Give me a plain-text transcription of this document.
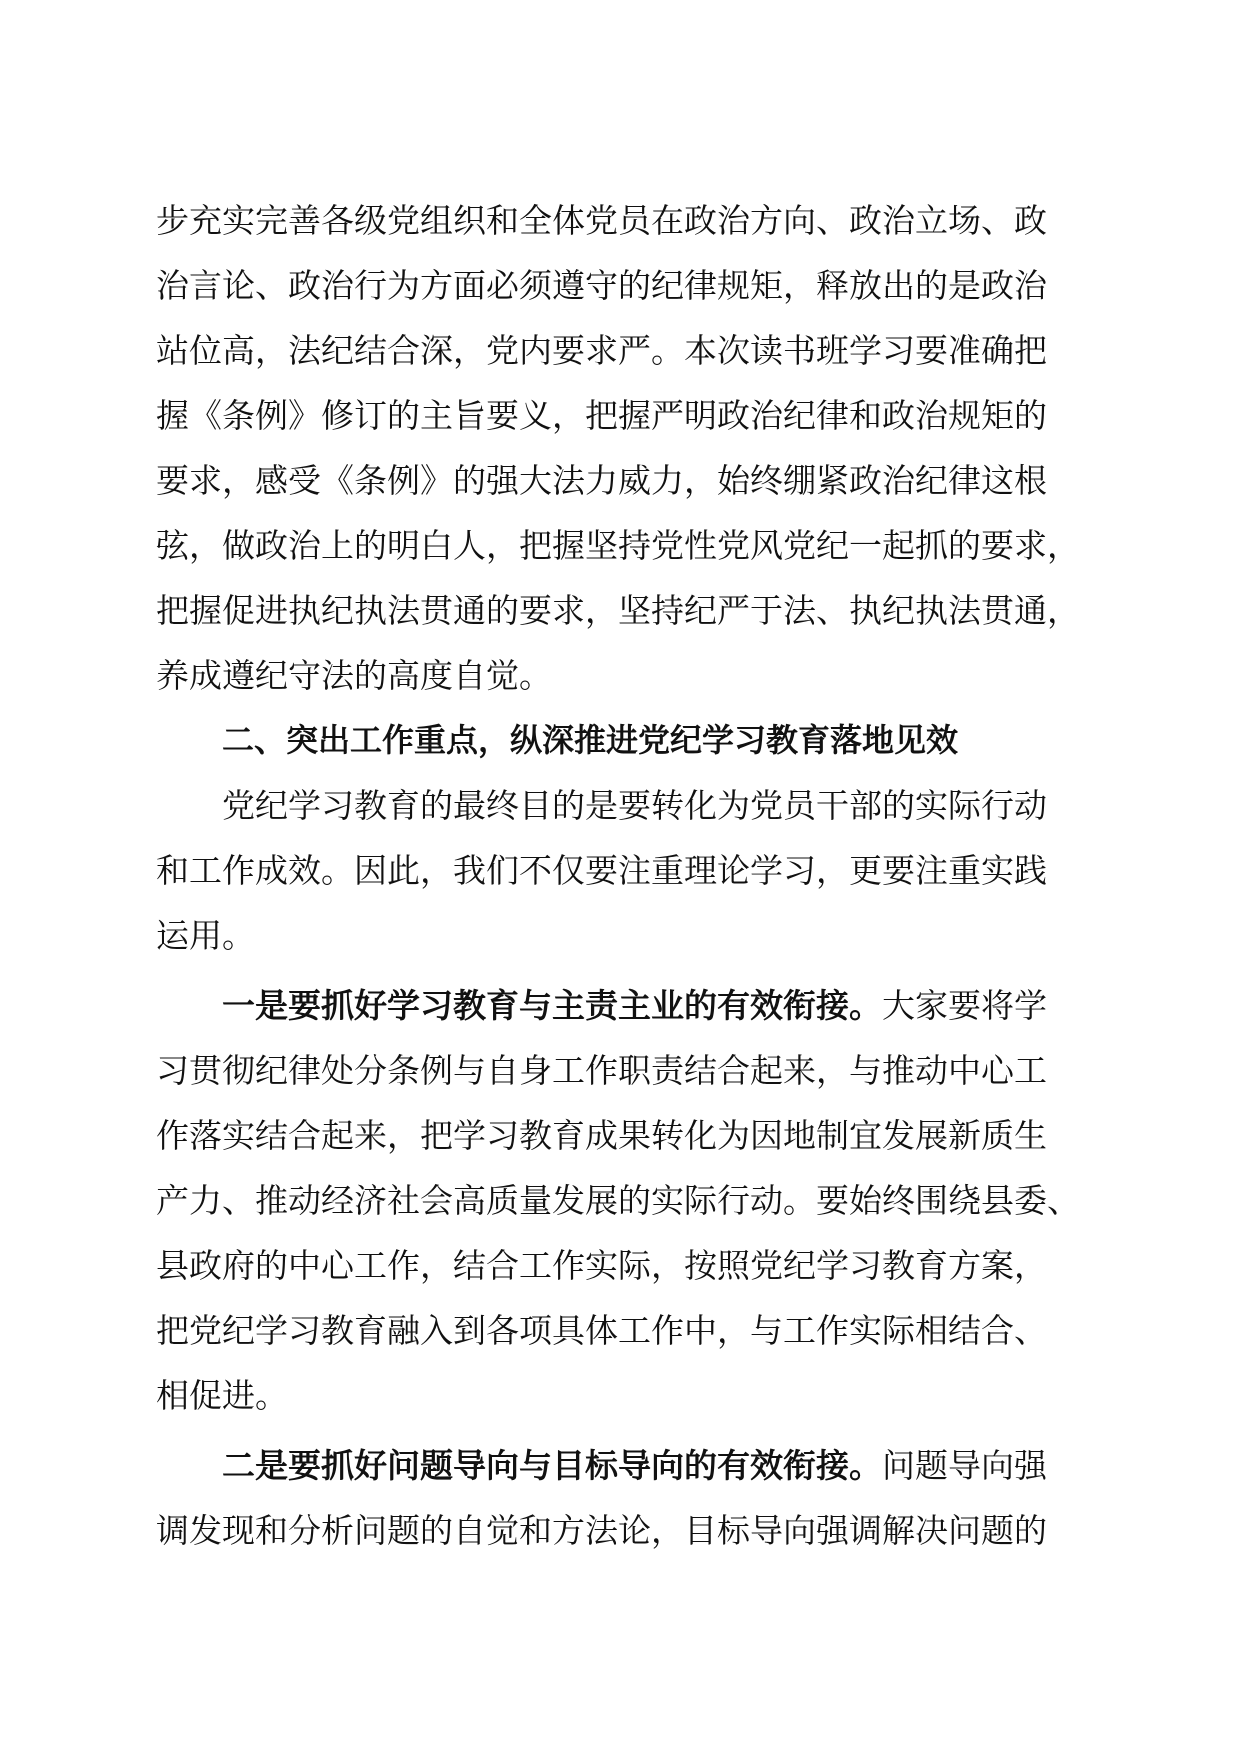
步充实完善各级党组织和全体党员在政治方向、政治立场、政
治言论、政治行为方面必须遵守的纪律规矩，释放出的是政治
站位高，法纪结合深，党内要求严。本次读书班学习要准确把
握《条例》修订的主旨要义，把握严明政治纪律和政治规矩的
要求，感受《条例》的强大法力威力，始终绷紧政治纪律这根
弦，做政治上的明白人，把握坚持党性党风党纪一起抓的要求，
把握促进执纪执法贯通的要求，坚持纪严于法、执纪执法贯通，
养成遵纪守法的高度自觉。
二、突出工作重点，纵深推进党纪学习教育落地见效
党纪学习教育的最终目的是要转化为党员干部的实际行动
和工作成效。因此，我们不仅要注重理论学习，更要注重实践
运用。
一是要抓好学习教育与主责主业的有效衔接。大家要将学
习贯彻纪律处分条例与自身工作职责结合起来，与推动中心工
作落实结合起来，把学习教育成果转化为因地制宜发展新质生
产力、推动经济社会高质量发展的实际行动。要始终围绕县委、
县政府的中心工作，结合工作实际，按照党纪学习教育方案，
把党纪学习教育融入到各项具体工作中，与工作实际相结合、
相促进。
二是要抓好问题导向与目标导向的有效衔接。问题导向强
调发现和分析问题的自觉和方法论，目标导向强调解决问题的
